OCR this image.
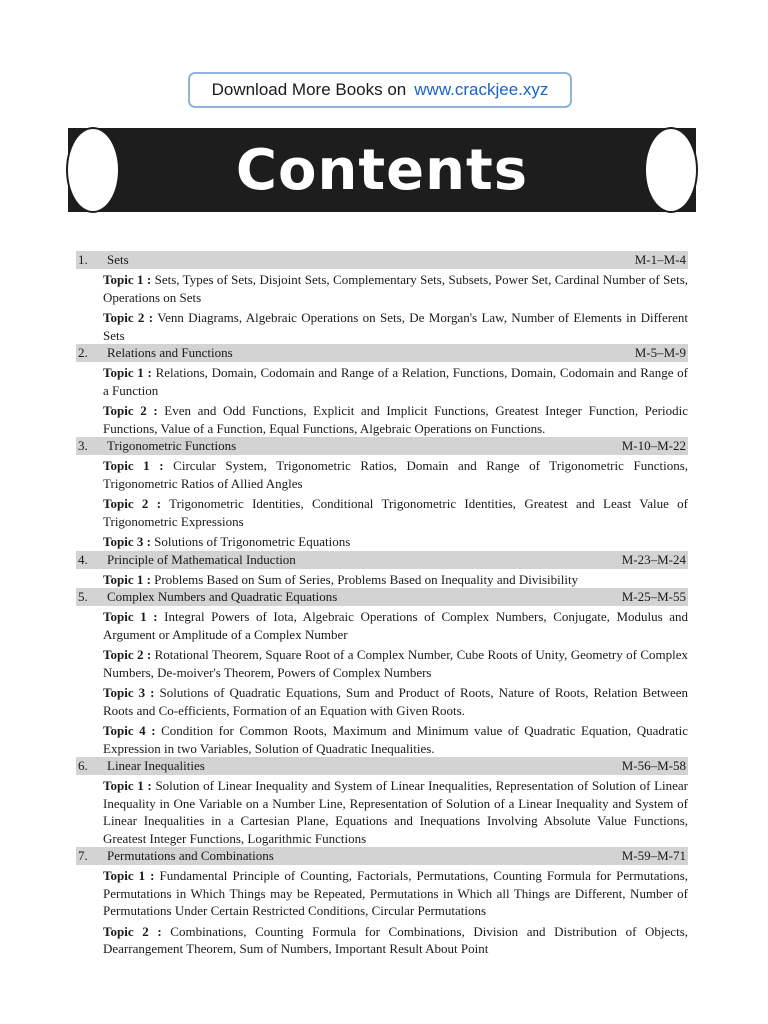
Download More Books on www.crackjee.xyz
Contents
1.	Sets	M-1–M-4
Topic 1 : Sets, Types of Sets, Disjoint Sets, Complementary Sets, Subsets, Power Set, Cardinal Number of Sets, Operations on Sets
Topic 2 : Venn Diagrams, Algebraic Operations on Sets, De Morgan's Law, Number of Elements in Different Sets
2.	Relations and Functions	M-5–M-9
Topic 1 : Relations, Domain, Codomain and Range of a Relation, Functions, Domain, Codomain and Range of a Function
Topic 2 : Even and Odd Functions, Explicit and Implicit Functions, Greatest Integer Function, Periodic Functions, Value of a Function, Equal Functions, Algebraic Operations on Functions.
3.	Trigonometric Functions	M-10–M-22
Topic 1 : Circular System, Trigonometric Ratios, Domain and Range of Trigonometric Functions, Trigonometric Ratios of Allied Angles
Topic 2 : Trigonometric Identities, Conditional Trigonometric Identities, Greatest and Least Value of Trigonometric Expressions
Topic 3 : Solutions of Trigonometric Equations
4.	Principle of Mathematical Induction	M-23–M-24
Topic 1 : Problems Based on Sum of Series, Problems Based on Inequality and Divisibility
5.	Complex Numbers and Quadratic Equations	M-25–M-55
Topic 1 : Integral Powers of Iota, Algebraic Operations of Complex Numbers, Conjugate, Modulus and Argument or Amplitude of a Complex Number
Topic 2 : Rotational Theorem, Square Root of a Complex Number, Cube Roots of Unity, Geometry of Complex Numbers, De-moiver's Theorem, Powers of Complex Numbers
Topic 3 : Solutions of Quadratic Equations, Sum and Product of Roots, Nature of Roots, Relation Between Roots and Co-efficients, Formation of an Equation with Given Roots.
Topic 4 : Condition for Common Roots, Maximum and Minimum value of Quadratic Equation, Quadratic Expression in two Variables, Solution of Quadratic Inequalities.
6.	Linear Inequalities	M-56–M-58
Topic 1 : Solution of Linear Inequality and System of Linear Inequalities, Representation of Solution of Linear Inequality in One Variable on a Number Line, Representation of Solution of a Linear Inequality and System of Linear Inequalities in a Cartesian Plane, Equations and Inequations Involving Absolute Value Functions, Greatest Integer Functions, Logarithmic Functions
7.	Permutations and Combinations	M-59–M-71
Topic 1 : Fundamental Principle of Counting, Factorials, Permutations, Counting Formula for Permutations, Permutations in Which Things may be Repeated, Permutations in Which all Things are Different, Number of Permutations Under Certain Restricted Conditions, Circular Permutations
Topic 2 : Combinations, Counting Formula for Combinations, Division and Distribution of Objects, Dearrangement Theorem, Sum of Numbers, Important Result About Point
